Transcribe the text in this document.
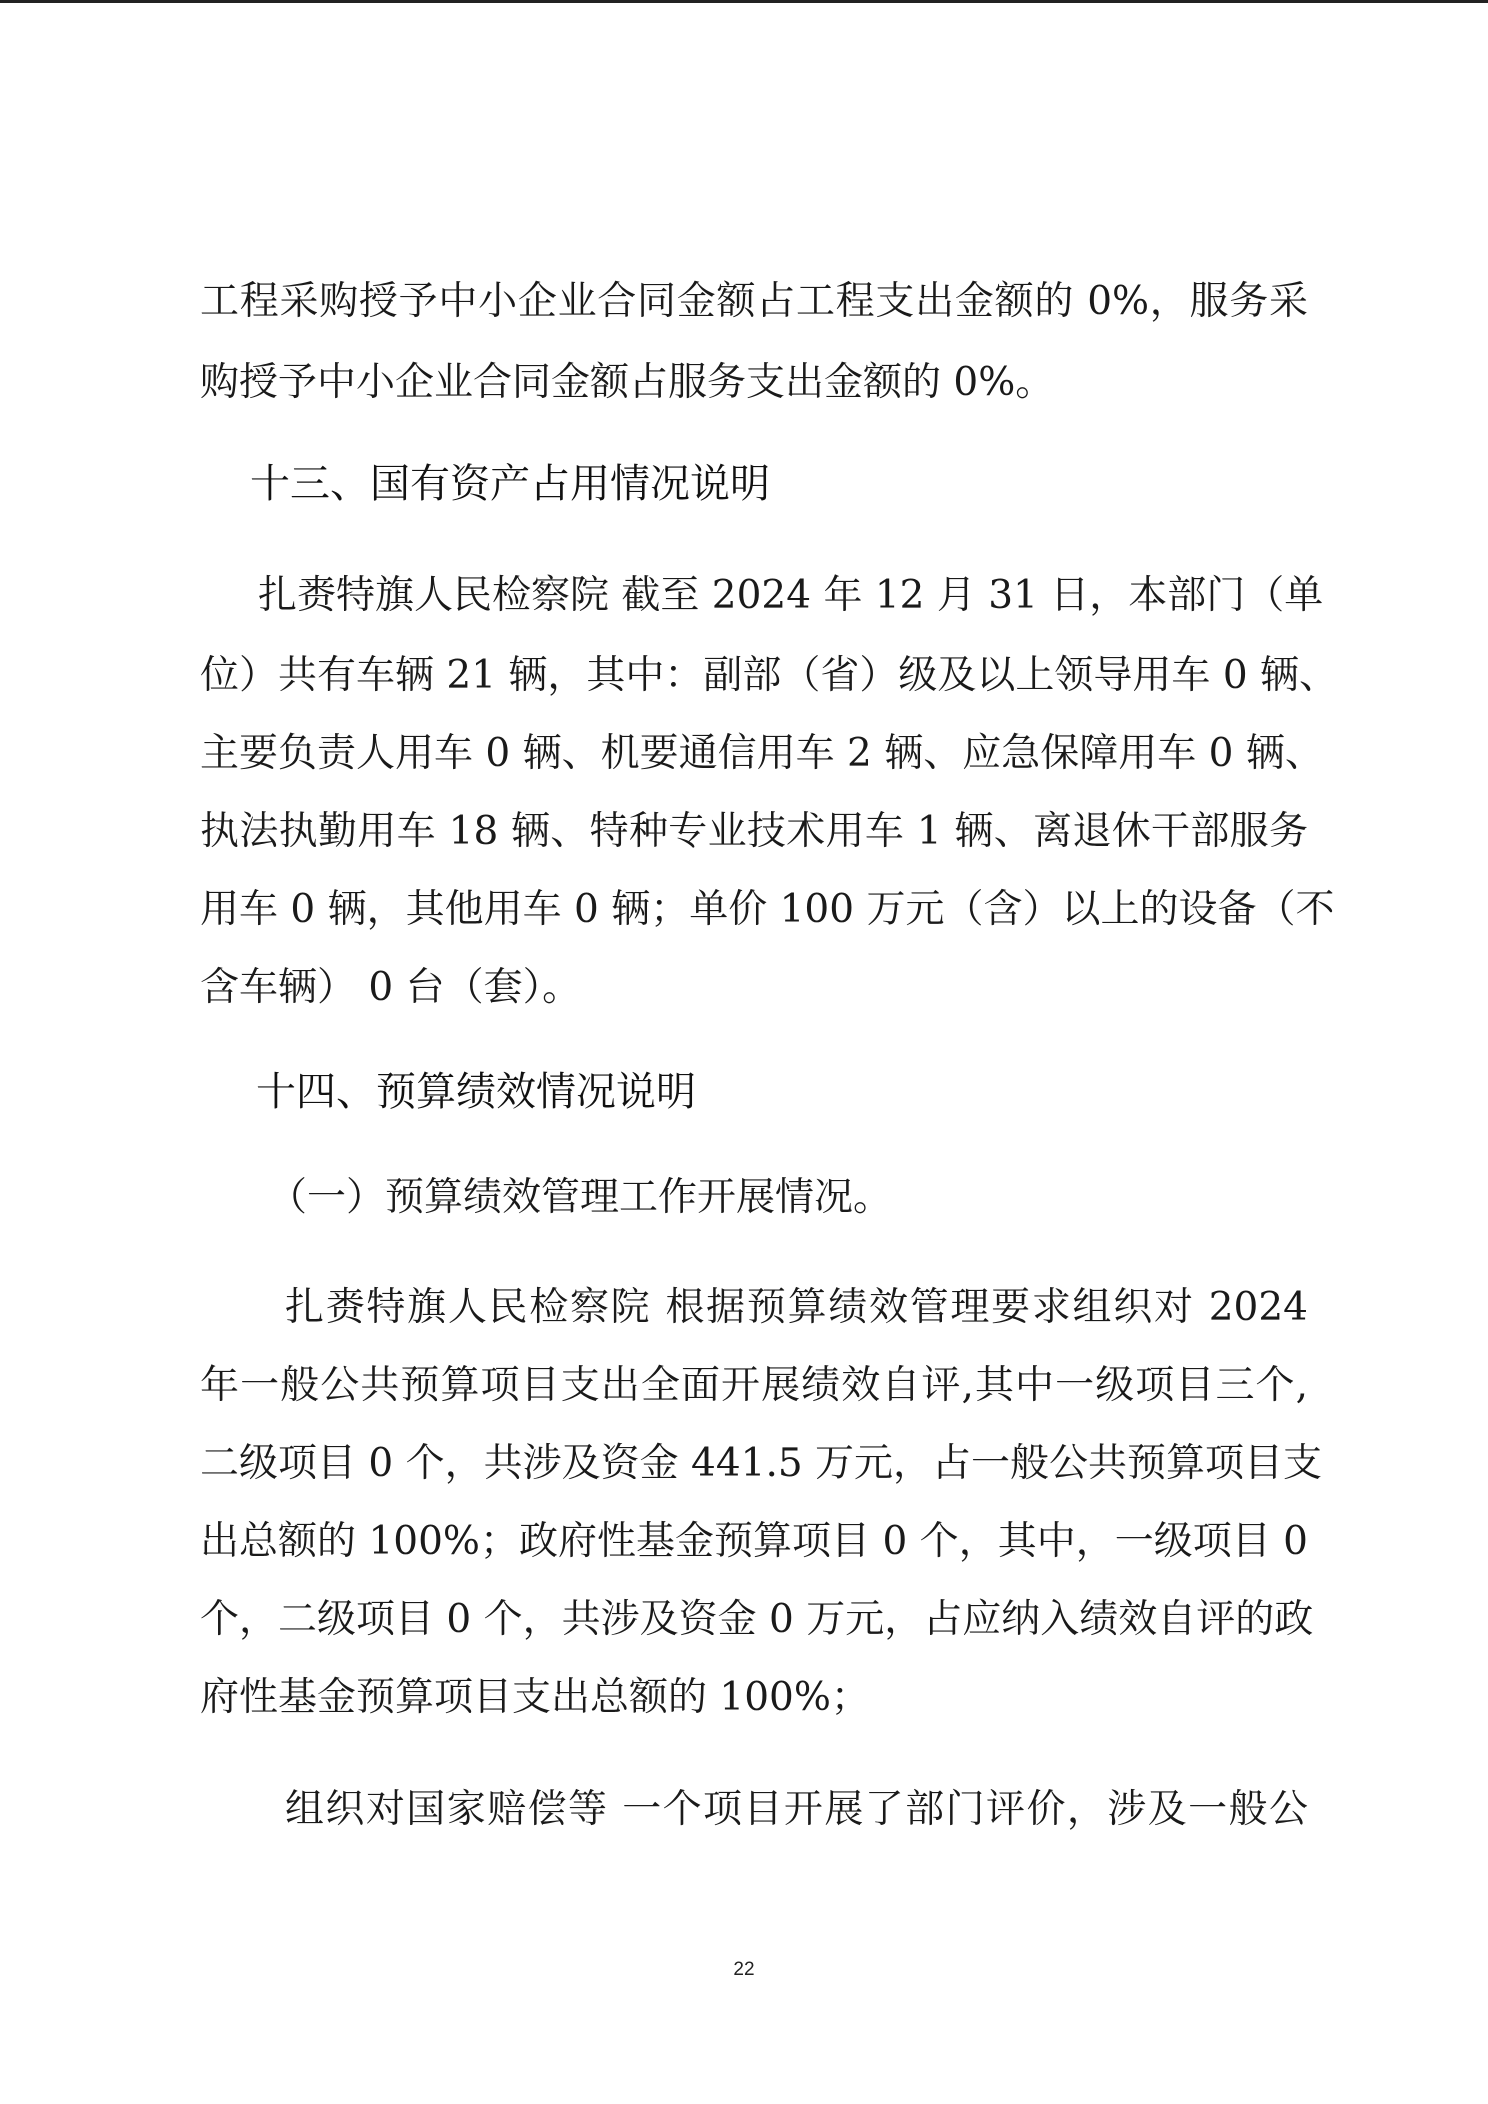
工程采购授予中小企业合同金额占工程支出金额的 0%，服务采
购授予中小企业合同金额占服务支出金额的 0%。
十三、国有资产占用情况说明
扎赉特旗人民检察院 截至 2024 年 12 月 31 日，本部门（单
位）共有车辆 21 辆，其中：副部（省）级及以上领导用车 0 辆、
主要负责人用车 0 辆、机要通信用车 2 辆、应急保障用车 0 辆、
执法执勤用车 18 辆、特种专业技术用车 1 辆、离退休干部服务
用车 0 辆，其他用车 0 辆；单价 100 万元（含）以上的设备（不
含车辆） 0 台（套）。
十四、预算绩效情况说明
（一）预算绩效管理工作开展情况。
扎赉特旗人民检察院 根据预算绩效管理要求组织对 2024
年一般公共预算项目支出全面开展绩效自评,其中一级项目三个,
二级项目 0 个，共涉及资金 441.5 万元，占一般公共预算项目支
出总额的 100%；政府性基金预算项目 0 个，其中，一级项目 0
个，二级项目 0 个，共涉及资金 0 万元，占应纳入绩效自评的政
府性基金预算项目支出总额的 100%；
组织对国家赔偿等 一个项目开展了部门评价，涉及一般公
22
